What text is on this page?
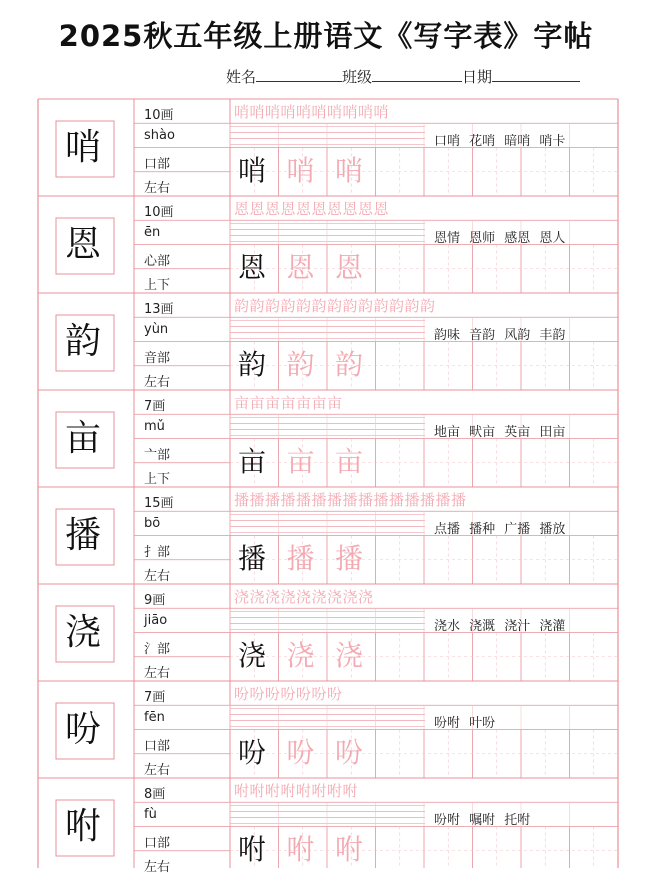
2025秋五年级上册语文《写字表》字帖
姓名	班级	日期
哨
10画
shào
口部
左右
哨哨哨哨哨哨哨哨哨哨
口哨 花哨 暗哨 哨卡
哨 哨 哨
恩
10画
ēn
心部
上下
恩恩恩恩恩恩恩恩恩恩
恩情 恩师 感恩 恩人
恩 恩 恩
韵
13画
yùn
音部
左右
韵韵韵韵韵韵韵韵韵韵韵韵韵
韵味 音韵 风韵 丰韵
韵 韵 韵
亩
7画
mǔ
亠部
上下
亩亩亩亩亩亩亩
地亩 畎亩 英亩 田亩
亩 亩 亩
播
15画
bō
扌部
左右
播播播播播播播播播播播播播播播
点播 播种 广播 播放
播 播 播
浇
9画
jiāo
氵部
左右
浇浇浇浇浇浇浇浇浇
浇水 浇溉 浇汁 浇灌
浇 浇 浇
吩
7画
fēn
口部
左右
吩吩吩吩吩吩吩
吩咐 叶吩
吩 吩 吩
咐
8画
fù
口部
左右
咐咐咐咐咐咐咐咐
吩咐 嘱咐 托咐
咐 咐 咐
